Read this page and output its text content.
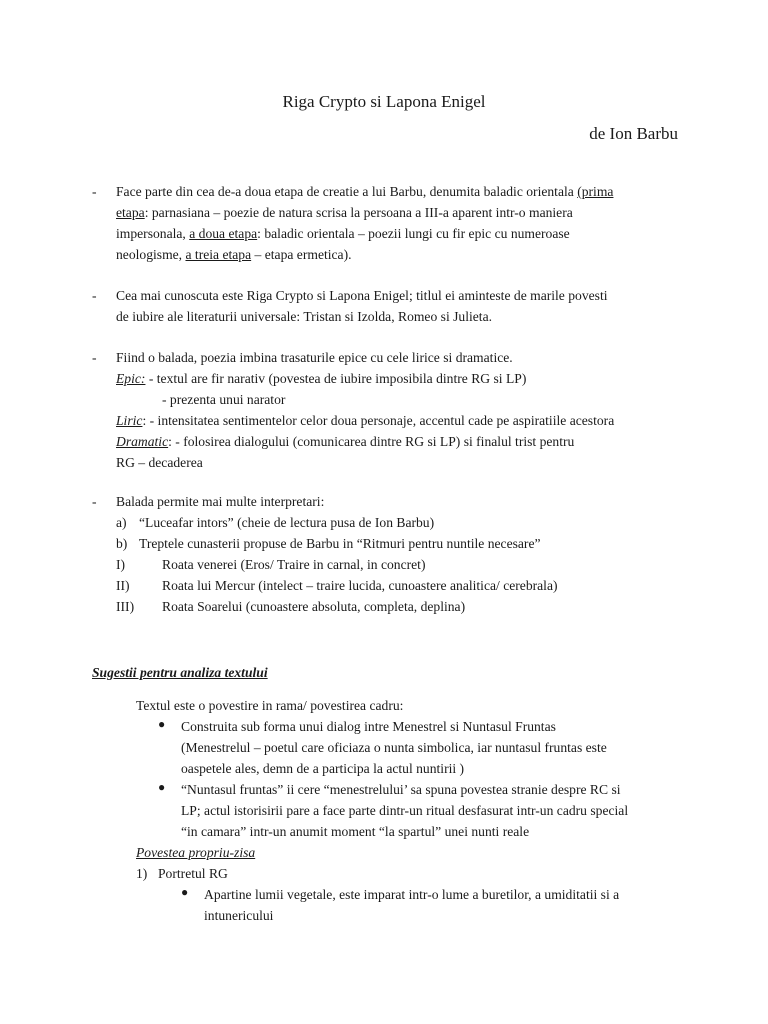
Riga Crypto si Lapona Enigel
de Ion Barbu
- Face parte din cea de-a doua etapa de creatie a lui Barbu, denumita baladic orientala (prima
etapa: parnasiana – poezie de natura scrisa la persoana a III-a aparent intr-o maniera
impersonala, a doua etapa: baladic orientala – poezii lungi cu fir epic cu numeroase
neologisme, a treia etapa – etapa ermetica).
- Cea mai cunoscuta este Riga Crypto si Lapona Enigel; titlul ei aminteste de marile povesti
de iubire ale literaturii universale: Tristan si Izolda, Romeo si Julieta.
- Fiind o balada, poezia imbina trasaturile epice cu cele lirice si dramatice.
Epic: - textul are fir narativ (povestea de iubire imposibila dintre RG si LP)
- prezenta unui narator
Liric: - intensitatea sentimentelor celor doua personaje, accentul cade pe aspiratiile acestora
Dramatic: - folosirea dialogului (comunicarea dintre RG si LP) si finalul trist pentru
RG – decaderea
- Balada permite mai multe interpretari:
a) “Luceafar intors” (cheie de lectura pusa de Ion Barbu)
b) Treptele cunasterii propuse de Barbu in “Ritmuri pentru nuntile necesare”
I)	Roata venerei (Eros/ Traire in carnal, in concret)
II) Roata lui Mercur (intelect – traire lucida, cunoastere analitica/ cerebrala)
III) Roata Soarelui (cunoastere absoluta, completa, deplina)
Sugestii pentru analiza textului
Textul este o povestire in rama/ povestirea cadru:
● Construita sub forma unui dialog intre Menestrel si Nuntasul Fruntas
(Menestrelul – poetul care oficiaza o nunta simbolica, iar nuntasul fruntas este
oaspetele ales, demn de a participa la actul nuntirii )
● “Nuntasul fruntas” ii cere “menestrelului’ sa spuna povestea stranie despre RC si
LP; actul istorisirii pare a face parte dintr-un ritual desfasurat intr-un cadru special
“in camara” intr-un anumit moment “la spartul” unei nunti reale
Povestea propriu-zisa
1) Portretul RG
● Apartine lumii vegetale, este imparat intr-o lume a buretilor, a umiditatii si a
intunericului
